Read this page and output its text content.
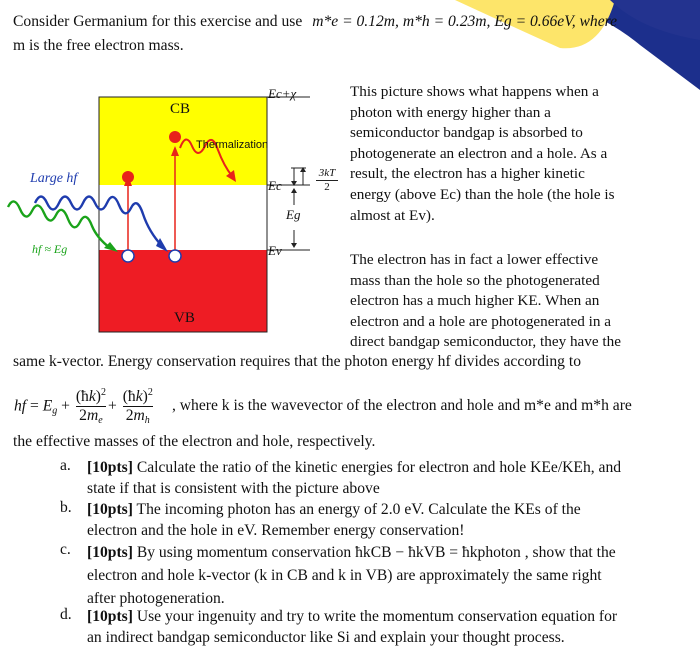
Consider Germanium for this exercise and use m*e = 0.12m, m*h = 0.23m, Eg = 0.66eV, where
m is the free electron mass.
CB
VB
Thermalization
Large hf
hf ≈ Eg
Ec+χ
Ec
Ev
Eg
3kT
2

This picture shows what happens when a

photon with energy higher than a

semiconductor bandgap is absorbed to

photogenerate an electron and a hole. As a

result, the electron has a higher kinetic

energy (above Ec) than the hole (the hole is

almost at Ev).

The electron has in fact a lower effective

mass than the hole so the photogenerated

electron has a much higher KE. When an

electron and a hole are photogenerated in a

direct bandgap semiconductor, they have the

same k-vector. Energy conservation requires that the photon energy hf divides according to
hf = $E_g + \frac{(ħk)^2}{2m_e} + \frac{(ħk)^2}{2m_h}$ , where k is the wavevector of the electron and hole and m*e and m*h are
the effective masses of the electron and hole, respectively.
a. [10pts] Calculate the ratio of the kinetic energies for electron and hole KEe/KEh, and
state if that is consistent with the picture above
b. [10pts] The incoming photon has an energy of 2.0 eV. Calculate the KEs of the
electron and the hole in eV. Remember energy conservation!
c. [10pts] By using momentum conservation ħkCB − ħkVB = ħkphoton , show that the
electron and hole k-vector (k in CB and k in VB) are approximately the same right
after photogeneration.
d. [10pts] Use your ingenuity and try to write the momentum conservation equation for
an indirect bandgap semiconductor like Si and explain your thought process.
